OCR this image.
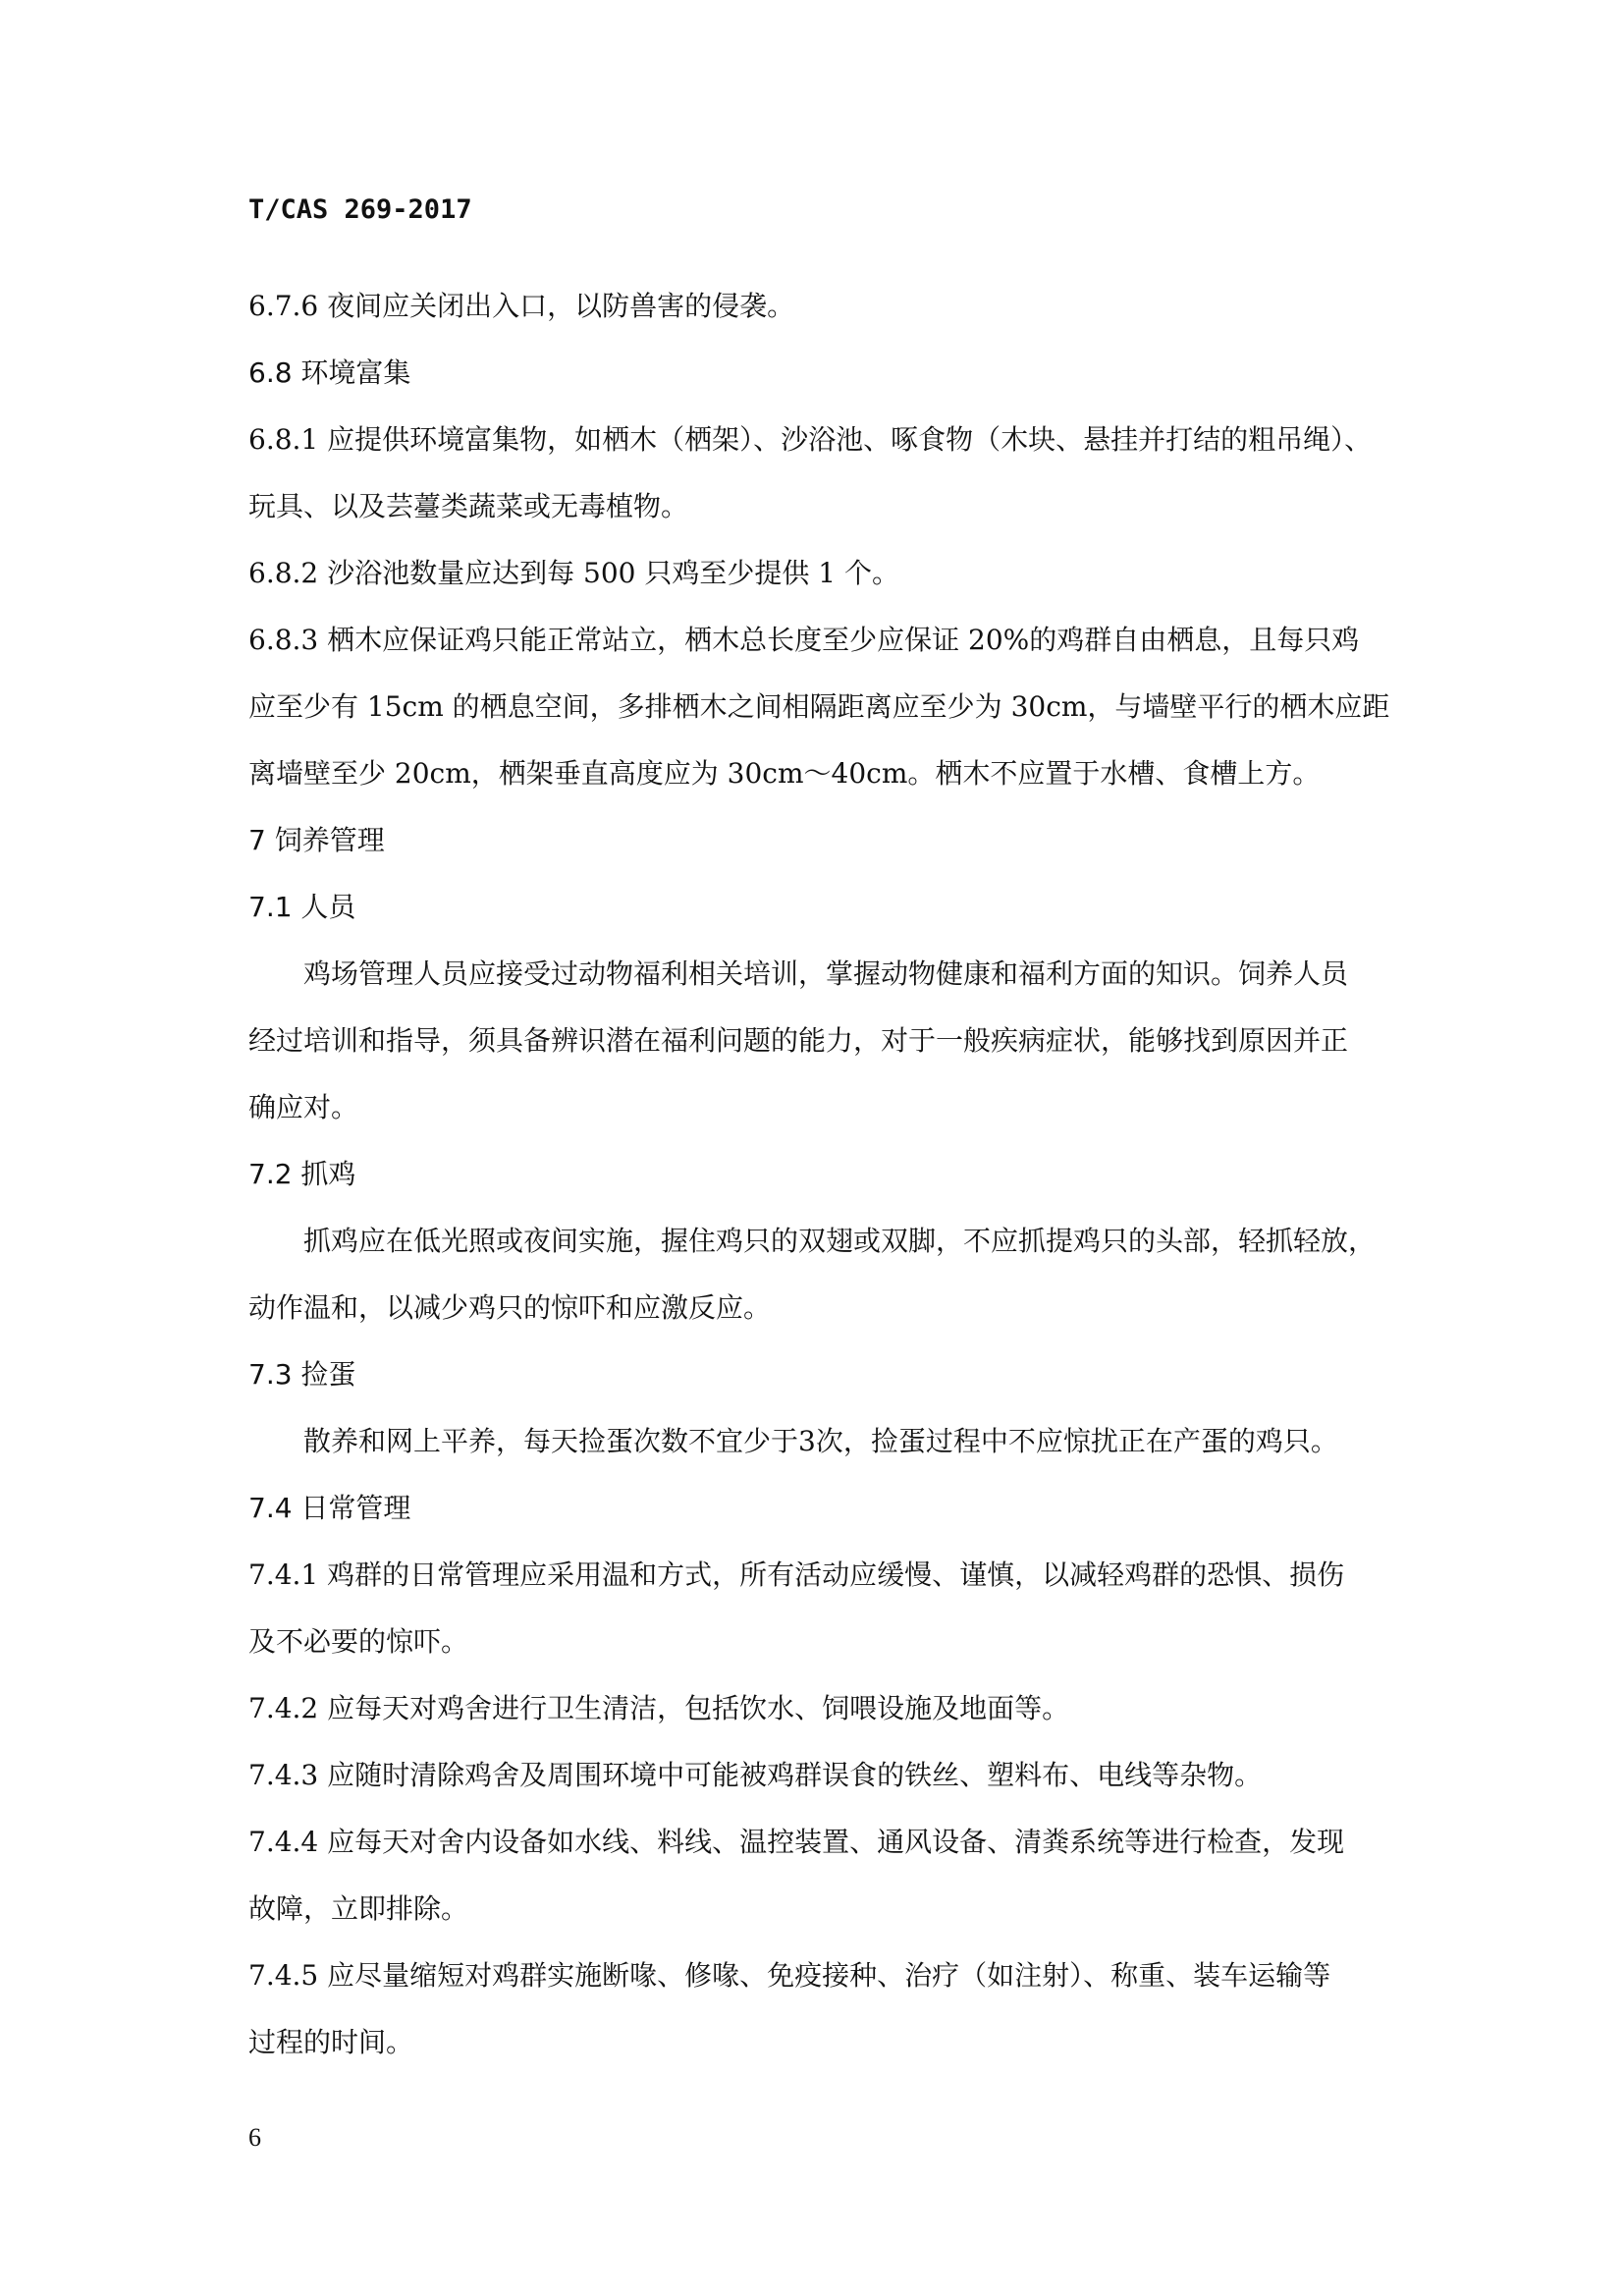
T/CAS 269-2017
6.7.6 夜间应关闭出入口，以防兽害的侵袭。
6.8 环境富集
6.8.1 应提供环境富集物，如栖木（栖架）、沙浴池、啄食物（木块、悬挂并打结的粗吊绳）、
玩具、以及芸薹类蔬菜或无毒植物。
6.8.2 沙浴池数量应达到每 500 只鸡至少提供 1 个。
6.8.3 栖木应保证鸡只能正常站立，栖木总长度至少应保证 20%的鸡群自由栖息，且每只鸡
应至少有 15cm 的栖息空间，多排栖木之间相隔距离应至少为 30cm，与墙壁平行的栖木应距
离墙壁至少 20cm，栖架垂直高度应为 30cm～40cm。栖木不应置于水槽、食槽上方。
7 饲养管理
7.1 人员
鸡场管理人员应接受过动物福利相关培训，掌握动物健康和福利方面的知识。饲养人员
经过培训和指导，须具备辨识潜在福利问题的能力，对于一般疾病症状，能够找到原因并正
确应对。
7.2 抓鸡
抓鸡应在低光照或夜间实施，握住鸡只的双翅或双脚，不应抓提鸡只的头部，轻抓轻放，
动作温和，以减少鸡只的惊吓和应激反应。
7.3 捡蛋
散养和网上平养，每天捡蛋次数不宜少于3次，捡蛋过程中不应惊扰正在产蛋的鸡只。
7.4 日常管理
7.4.1 鸡群的日常管理应采用温和方式，所有活动应缓慢、谨慎，以减轻鸡群的恐惧、损伤
及不必要的惊吓。
7.4.2 应每天对鸡舍进行卫生清洁，包括饮水、饲喂设施及地面等。
7.4.3 应随时清除鸡舍及周围环境中可能被鸡群误食的铁丝、塑料布、电线等杂物。
7.4.4 应每天对舍内设备如水线、料线、温控装置、通风设备、清粪系统等进行检查，发现
故障，立即排除。
7.4.5 应尽量缩短对鸡群实施断喙、修喙、免疫接种、治疗（如注射）、称重、装车运输等
过程的时间。
6
